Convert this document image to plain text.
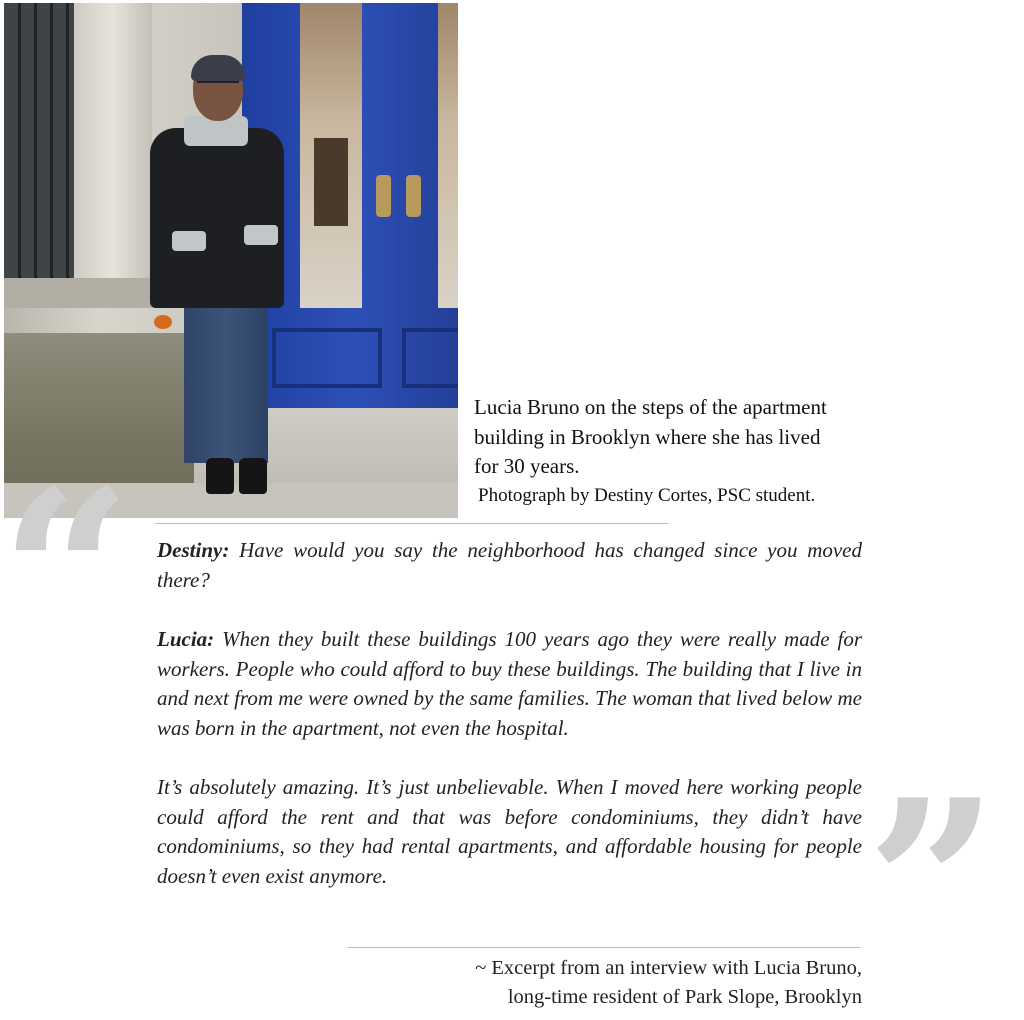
Lucia Bruno on the steps of the apartment
building in Brooklyn where she has lived
for 30 years.

Photograph by Destiny Cortes, PSC student.

“
”

Destiny: Have would you say the neighborhood has changed since you moved there?

Lucia: When they built these buildings 100 years ago they were really made for workers. People who could afford to buy these buildings. The building that I live in and next from me were owned by the same families. The woman that lived below me was born in the apartment, not even the hospital.

It’s absolutely amazing. It’s just unbelievable. When I moved here working people could afford the rent and that was before condominiums, they didn’t have condominiums, so they had rental apartments, and affordable housing for people doesn’t even exist anymore.

~ Excerpt from an interview with Lucia Bruno,
long-time resident of Park Slope, Brooklyn
